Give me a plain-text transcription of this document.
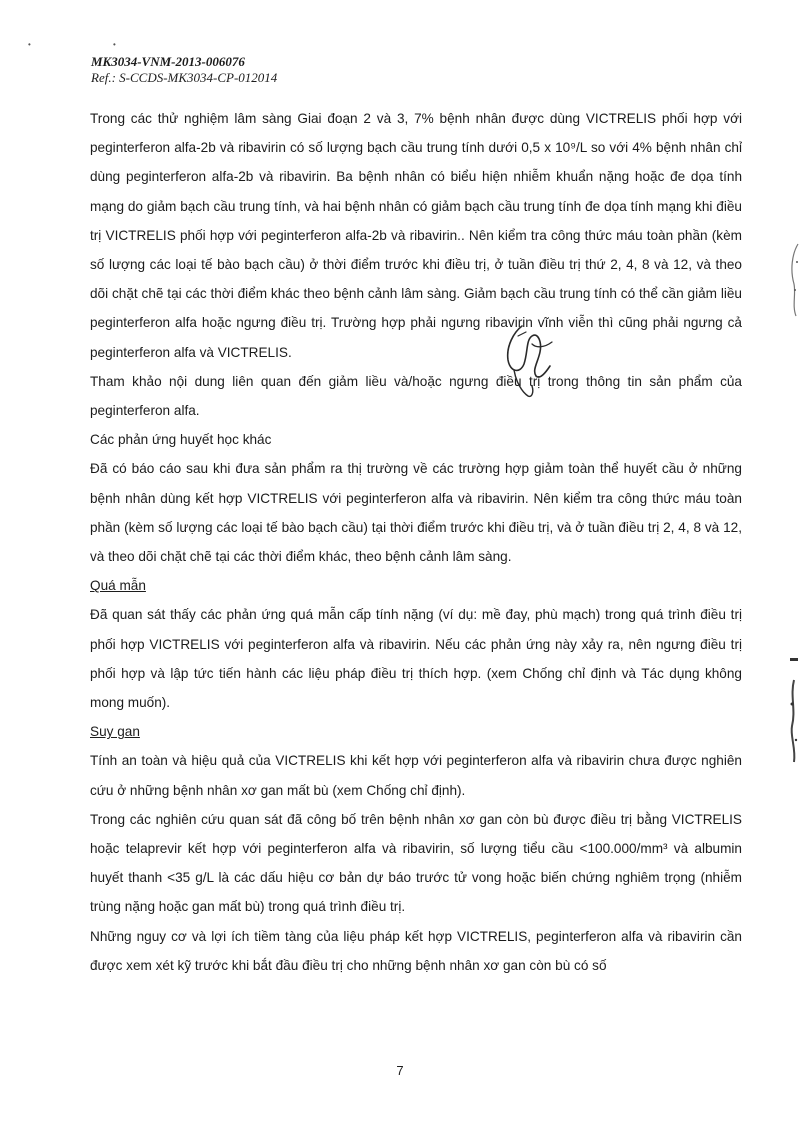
• •
MK3034-VNM-2013-006076
Ref.: S-CCDS-MK3034-CP-012014

Trong các thử nghiệm lâm sàng Giai đoạn 2 và 3, 7% bệnh nhân được dùng VICTRELIS phối hợp với peginterferon alfa-2b và ribavirin có số lượng bạch cầu trung tính dưới 0,5 x 10⁹/L so với 4% bệnh nhân chỉ dùng peginterferon alfa-2b và ribavirin. Ba bệnh nhân có biểu hiện nhiễm khuẩn nặng hoặc đe dọa tính mạng do giảm bạch cầu trung tính, và hai bệnh nhân có giảm bạch cầu trung tính đe dọa tính mạng khi điều trị VICTRELIS phối hợp với peginterferon alfa-2b và ribavirin.. Nên kiểm tra công thức máu toàn phần (kèm số lượng các loại tế bào bạch cầu) ở thời điểm trước khi điều trị, ở tuần điều trị thứ 2, 4, 8 và 12, và theo dõi chặt chẽ tại các thời điểm khác theo bệnh cảnh lâm sàng. Giảm bạch cầu trung tính có thể cần giảm liều peginterferon alfa hoặc ngưng điều trị. Trường hợp phải ngưng ribavirin vĩnh viễn thì cũng phải ngưng cả peginterferon alfa và VICTRELIS.

Tham khảo nội dung liên quan đến giảm liều và/hoặc ngưng điều trị trong thông tin sản phẩm của peginterferon alfa.

Các phản ứng huyết học khác

Đã có báo cáo sau khi đưa sản phẩm ra thị trường về các trường hợp giảm toàn thể huyết cầu ở những bệnh nhân dùng kết hợp VICTRELIS với peginterferon alfa và ribavirin. Nên kiểm tra công thức máu toàn phần (kèm số lượng các loại tế bào bạch cầu) tại thời điểm trước khi điều trị, và ở tuần điều trị 2, 4, 8 và 12, và theo dõi chặt chẽ tại các thời điểm khác, theo bệnh cảnh lâm sàng.

Quá mẫn

Đã quan sát thấy các phản ứng quá mẫn cấp tính nặng (ví dụ: mề đay, phù mạch) trong quá trình điều trị phối hợp VICTRELIS với peginterferon alfa và ribavirin. Nếu các phản ứng này xảy ra, nên ngưng điều trị phối hợp và lập tức tiến hành các liệu pháp điều trị thích hợp. (xem Chống chỉ định và Tác dụng không mong muốn).

Suy gan

Tính an toàn và hiệu quả của VICTRELIS khi kết hợp với peginterferon alfa và ribavirin chưa được nghiên cứu ở những bệnh nhân xơ gan mất bù (xem Chống chỉ định).

Trong các nghiên cứu quan sát đã công bố trên bệnh nhân xơ gan còn bù được điều trị bằng VICTRELIS hoặc telaprevir kết hợp với peginterferon alfa và ribavirin, số lượng tiểu cầu <100.000/mm³ và albumin huyết thanh <35 g/L là các dấu hiệu cơ bản dự báo trước tử vong hoặc biến chứng nghiêm trọng (nhiễm trùng nặng hoặc gan mất bù) trong quá trình điều trị.

Những nguy cơ và lợi ích tiềm tàng của liệu pháp kết hợp VICTRELIS, peginterferon alfa và ribavirin cần được xem xét kỹ trước khi bắt đầu điều trị cho những bệnh nhân xơ gan còn bù có số

7
